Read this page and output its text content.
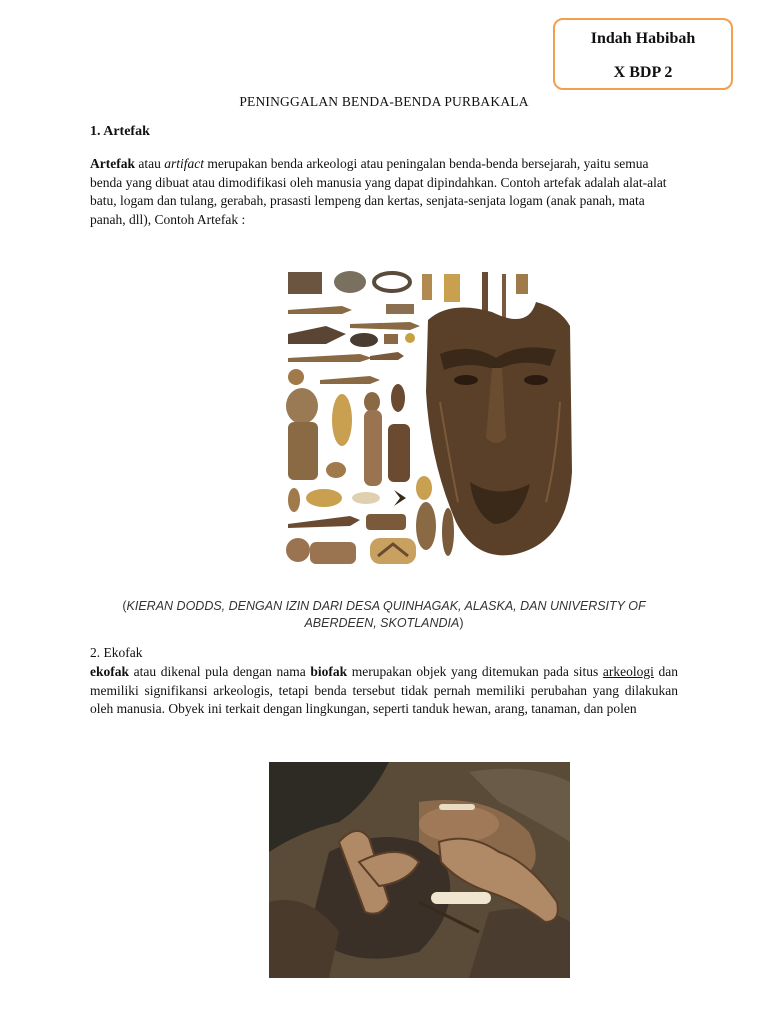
Indah Habibah
X BDP 2
PENINGGALAN BENDA-BENDA PURBAKALA
1. Artefak
Artefak atau artifact merupakan benda arkeologi atau peningalan benda-benda bersejarah, yaitu semua benda yang dibuat atau dimodifikasi oleh manusia yang dapat dipindahkan. Contoh artefak adalah alat-alat batu, logam dan tulang, gerabah, prasasti lempeng dan kertas, senjata-senjata logam (anak panah, mata panah, dll), Contoh Artefak :
(KIERAN DODDS, DENGAN IZIN DARI DESA QUINHAGAK, ALASKA, DAN UNIVERSITY OF ABERDEEN, SKOTLANDIA)
2. Ekofak
ekofak atau dikenal pula dengan nama biofak merupakan objek yang ditemukan pada situs arkeologi dan memiliki signifikansi arkeologis, tetapi benda tersebut tidak pernah memiliki perubahan yang dilakukan oleh manusia. Obyek ini terkait dengan lingkungan, seperti tanduk hewan, arang, tanaman, dan polen
